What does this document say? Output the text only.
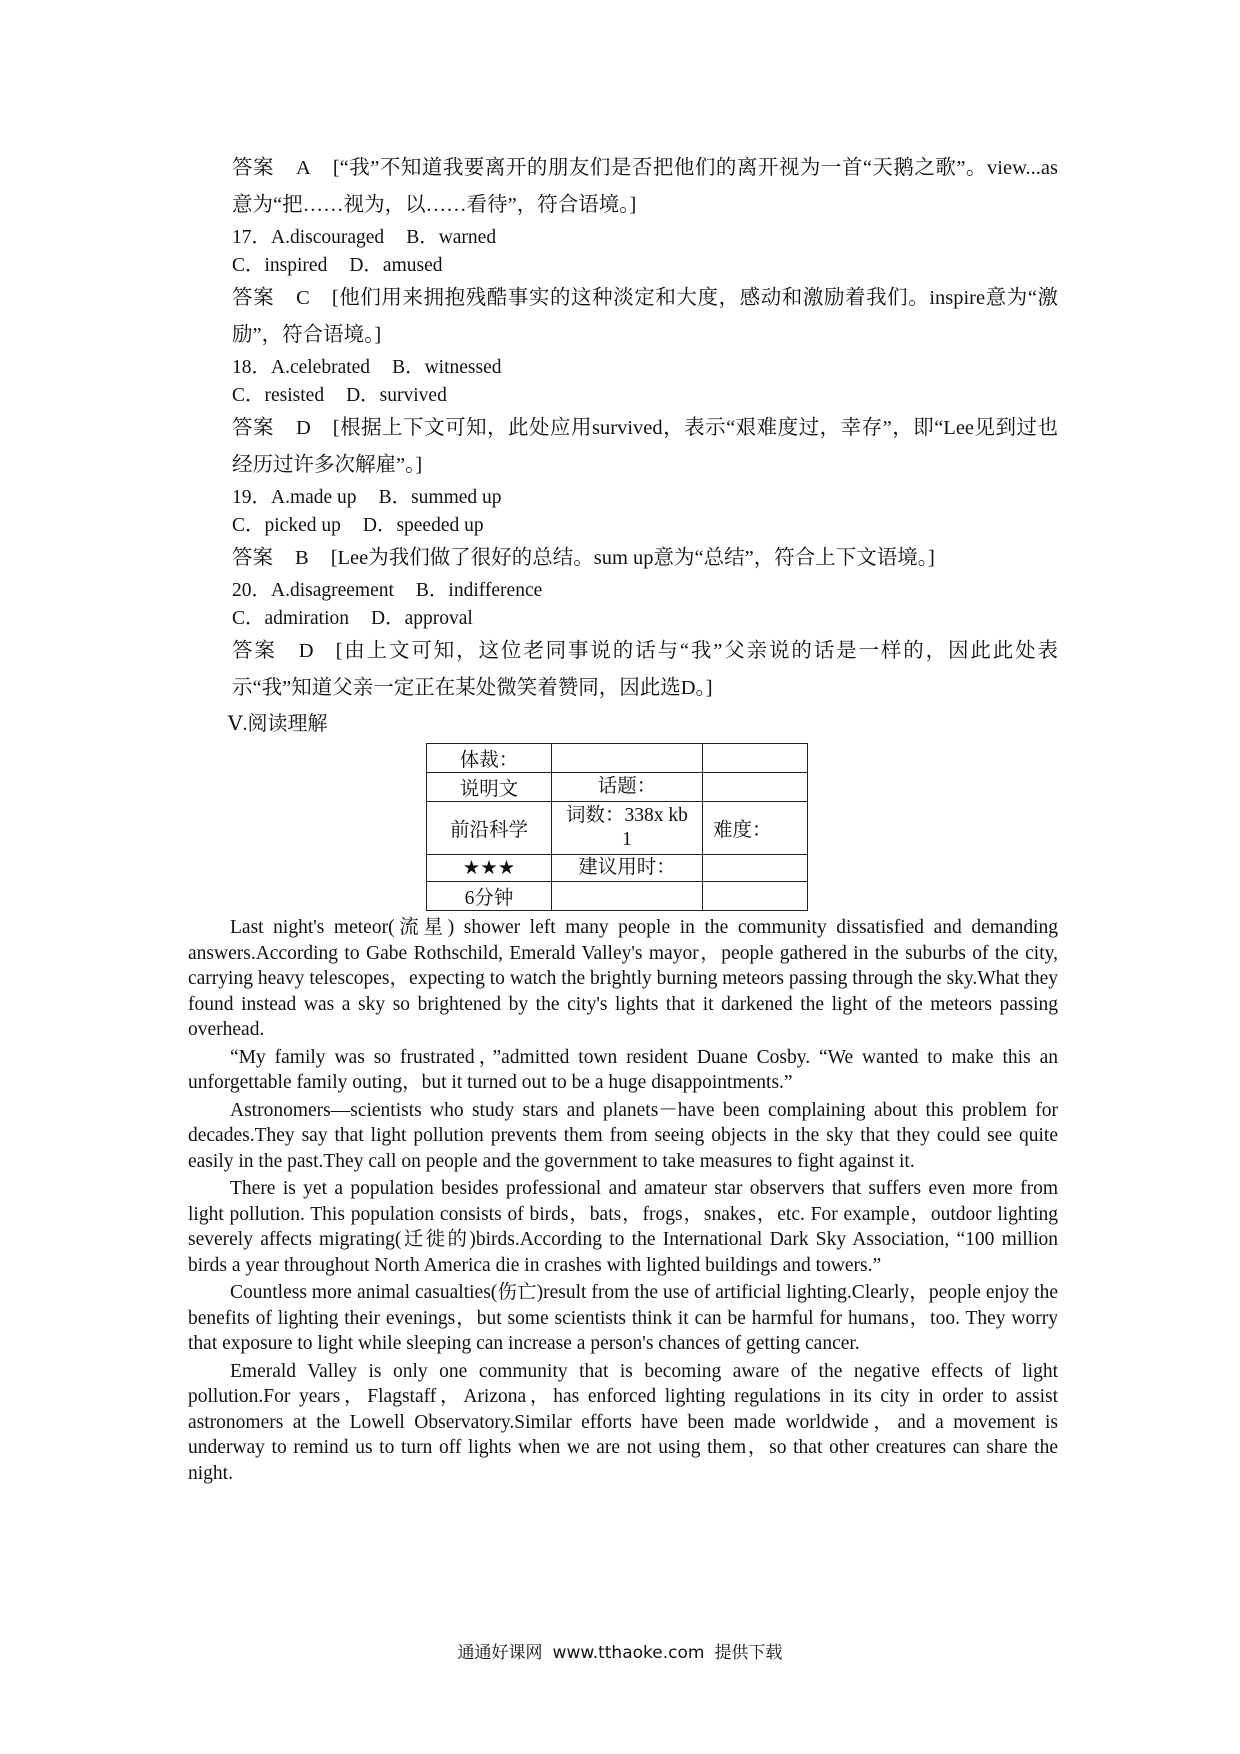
答案 A [“我”不知道我要离开的朋友们是否把他们的离开视为一首“天鹅之歌”。view...as意为“把……视为，以……看待”，符合语境。]
17．A.discouraged B．warned
C．inspired D．amused
答案 C [他们用来拥抱残酷事实的这种淡定和大度，感动和激励着我们。inspire意为“激励”，符合语境。]
18．A.celebrated B．witnessed
C．resisted D．survived
答案 D [根据上下文可知，此处应用survived，表示“艰难度过，幸存”，即“Lee见到过也经历过许多次解雇”。]
19．A.made up B．summed up
C．picked up D．speeded up
答案 B [Lee为我们做了很好的总结。sum up意为“总结”，符合上下文语境。]
20．A.disagreement B．indifference
C．admiration D．approval
答案 D [由上文可知，这位老同事说的话与“我”父亲说的话是一样的，因此此处表示“我”知道父亲一定正在某处微笑着赞同，因此选D。]
Ⅴ.阅读理解
体裁：		
说明文	话题：	
前沿科学	词数：338x kb 1	难度：
★★★	建议用时：	
6分钟		

Last night's meteor(流星) shower left many people in the community dissatisfied and demanding answers.According to Gabe Rothschild, Emerald Valley's mayor，people gathered in the suburbs of the city, carrying heavy telescopes，expecting to watch the brightly burning meteors passing through the sky.What they found instead was a sky so brightened by the city's lights that it darkened the light of the meteors passing overhead.

“My family was so frustrated，”admitted town resident Duane Cosby. “We wanted to make this an unforgettable family outing，but it turned out to be a huge disappointments.”

Astronomers—scientists who study stars and planets－have been complaining about this problem for decades.They say that light pollution prevents them from seeing objects in the sky that they could see quite easily in the past.They call on people and the government to take measures to fight against it.

There is yet a population besides professional and amateur star observers that suffers even more from light pollution. This population consists of birds，bats，frogs，snakes，etc. For example，outdoor lighting severely affects migrating(迁徙的)birds.According to the International Dark Sky Association, “100 million birds a year throughout North America die in crashes with lighted buildings and towers.”

Countless more animal casualties(伤亡)result from the use of artificial lighting.Clearly，people enjoy the benefits of lighting their evenings，but some scientists think it can be harmful for humans，too. They worry that exposure to light while sleeping can increase a person's chances of getting cancer.

Emerald Valley is only one community that is becoming aware of the negative effects of light pollution.For years，Flagstaff，Arizona，has enforced lighting regulations in its city in order to assist astronomers at the Lowell Observatory.Similar efforts have been made worldwide，and a movement is underway to remind us to turn off lights when we are not using them，so that other creatures can share the night.

通通好课网 www.tthaoke.com 提供下载
